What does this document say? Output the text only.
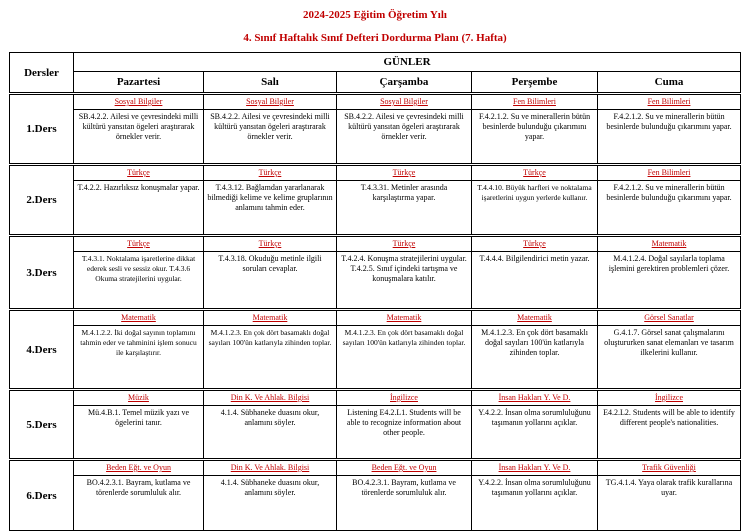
2024-2025 Eğitim Öğretim Yılı
4. Sınıf Haftalık Sınıf Defteri Dordurma Planı (7. Hafta)
Dersler	GÜNLER				
	Pazartesi	Salı	Çarşamba	Perşembe	Cuma
1.Ders	Sosyal Bilgiler	Sosyal Bilgiler	Sosyal Bilgiler	Fen Bilimleri	Fen Bilimleri

	SB.4.2.2. Ailesi ve çevresindeki milli kültürü yansıtan ögeleri araştırarak örnekler verir.	SB.4.2.2. Ailesi ve çevresindeki milli kültürü yansıtan ögeleri araştırarak örnekler verir.	SB.4.2.2. Ailesi ve çevresindeki milli kültürü yansıtan ögeleri araştırarak örnekler verir.	F.4.2.1.2. Su ve minerallerin bütün besinlerde bulunduğu çıkarımını yapar.	F.4.2.1.2. Su ve minerallerin bütün besinlerde bulunduğu çıkarımını yapar.

2.Ders	Türkçe	Türkçe	Türkçe	Türkçe	Fen Bilimleri

	T.4.2.2. Hazırlıksız konuşmalar yapar.	T.4.3.12. Bağlamdan yararlanarak bilmediği kelime ve kelime gruplarının anlamını tahmin eder.	T.4.3.31. Metinler arasında karşılaştırma yapar.	T.4.4.10. Büyük harfleri ve noktalama işaretlerini uygun yerlerde kullanır.	F.4.2.1.2. Su ve minerallerin bütün besinlerde bulunduğu çıkarımını yapar.

3.Ders	Türkçe	Türkçe	Türkçe	Türkçe	Matematik

	T.4.3.1. Noktalama işaretlerine dikkat ederek sesli ve sessiz okur. T.4.3.6 Okuma stratejilerini uygular.	T.4.3.18. Okuduğu metinle ilgili soruları cevaplar.	T.4.2.4. Konuşma stratejilerini uygular. T.4.2.5. Sınıf içindeki tartışma ve konuşmalara katılır.	T.4.4.4. Bilgilendirici metin yazar.	M.4.1.2.4. Doğal sayılarla toplama işlemini gerektiren problemleri çözer.

4.Ders	Matematik	Matematik	Matematik	Matematik	Görsel Sanatlar

	M.4.1.2.2. İki doğal sayının toplamını tahmin eder ve tahminini işlem sonucu ile karşılaştırır.	M.4.1.2.3. En çok dört basamaklı doğal sayıları 100'ün katlarıyla zihinden toplar.	M.4.1.2.3. En çok dört basamaklı doğal sayıları 100'ün katlarıyla zihinden toplar.	M.4.1.2.3. En çok dört basamaklı doğal sayıları 100'ün katlarıyla zihinden toplar.	G.4.1.7. Görsel sanat çalışmalarını oluştururken sanat elemanları ve tasarım ilkelerini kullanır.

5.Ders	Müzik	Din K. Ve Ahlak. Bilgisi	İngilizce	İnsan Hakları Y. Ve D.	İngilizce

	Mü.4.B.1. Temel müzik yazı ve ögelerini tanır.	4.1.4. Sübhaneke duasını okur, anlamını söyler.	Listening E4.2.L1. Students will be able to recognize information about other people.	Y.4.2.2. İnsan olma sorumluluğunu taşımanın yollarını açıklar.	E4.2.L2. Students will be able to identify different people's nationalities.

6.Ders	Beden Eğt. ve Oyun	Din K. Ve Ahlak. Bilgisi	Beden Eğt. ve Oyun	İnsan Hakları Y. Ve D.	Trafik Güvenliği

	BO.4.2.3.1. Bayram, kutlama ve törenlerde sorumluluk alır.	4.1.4. Sübhaneke duasını okur, anlamını söyler.	BO.4.2.3.1. Bayram, kutlama ve törenlerde sorumluluk alır.	Y.4.2.2. İnsan olma sorumluluğunu taşımanın yollarını açıklar.	TG.4.1.4. Yaya olarak trafik kurallarına uyar.
